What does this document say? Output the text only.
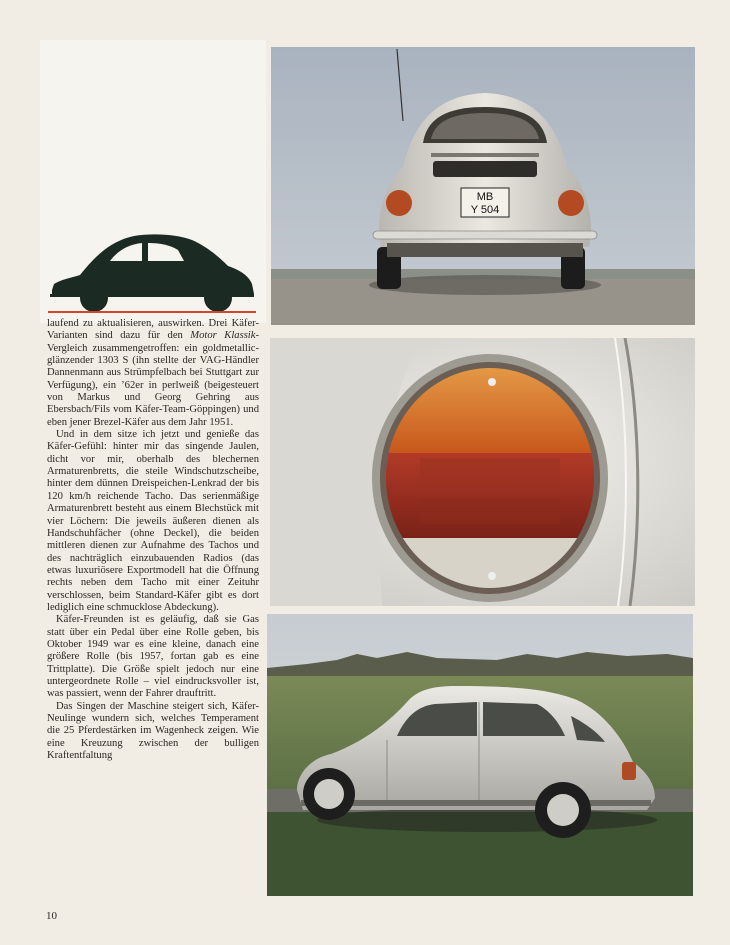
laufend zu aktualisieren, auswirken. Drei Käfer-Varianten sind dazu für den Motor Klassik-Vergleich zusammengetroffen: ein goldmetallic-glänzender 1303 S (ihn stellte der VAG-Händler Dannenmann aus Strümpfelbach bei Stuttgart zur Verfügung), ein ’62er in perlweiß (beigesteuert von Markus und Georg Gehring aus Ebersbach/Fils vom Käfer-Team-Göppingen) und eben jener Brezel-Käfer aus dem Jahr 1951.

Und in dem sitze ich jetzt und genieße das Käfer-Gefühl: hinter mir das singende Jaulen, dicht vor mir, oberhalb des blechernen Armaturenbretts, die steile Windschutzscheibe, hinter dem dünnen Dreispeichen-Lenkrad der bis 120 km/h reichende Tacho. Das serienmäßige Armaturenbrett besteht aus einem Blechstück mit vier Löchern: Die jeweils äußeren dienen als Handschuhfächer (ohne Deckel), die beiden mittleren dienen zur Aufnahme des Tachos und des nachträglich einzubauenden Radios (das etwas luxuriösere Exportmodell hat die Öffnung rechts neben dem Tacho mit einer Zeituhr verschlossen, beim Standard-Käfer gibt es dort lediglich eine schmucklose Abdeckung).

Käfer-Freunden ist es geläufig, daß sie Gas statt über ein Pedal über eine Rolle geben, bis Oktober 1949 war es eine kleine, danach eine größere Rolle (bis 1957, fortan gab es eine Trittplatte). Die Größe spielt jedoch nur eine untergeordnete Rolle – viel eindrucksvoller ist, was passiert, wenn der Fahrer drauftritt.

Das Singen der Maschine steigert sich, Käfer-Neulinge wundern sich, welches Temperament die 25 Pferdestärken im Wagenheck zeigen. Wie eine Kreuzung zwischen der bulligen Kraftentfaltung

MB
Y 504
10
